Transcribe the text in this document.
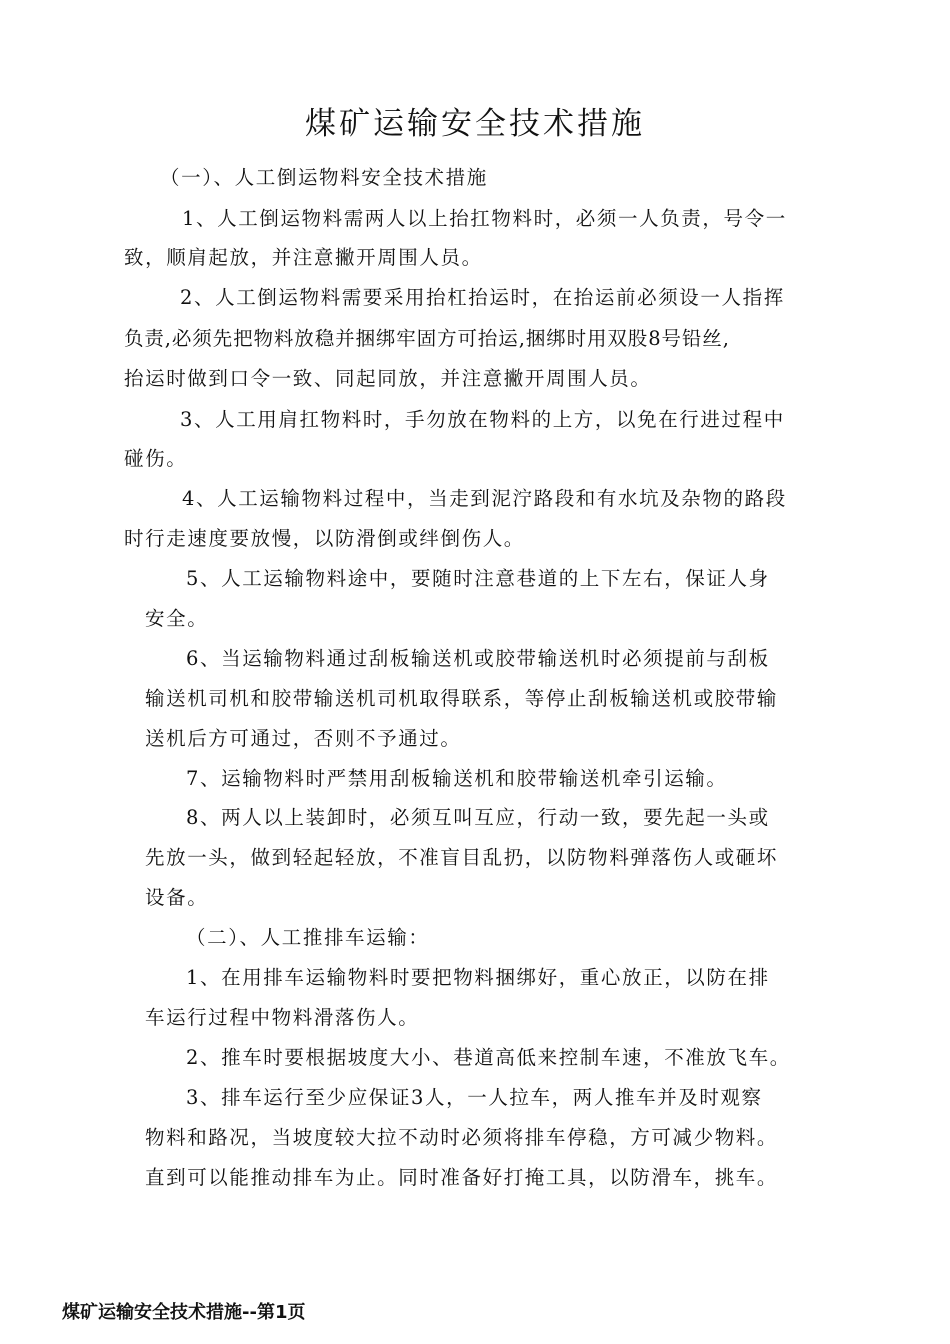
煤矿运输安全技术措施
（一）、人工倒运物料安全技术措施
1、人工倒运物料需两人以上抬扛物料时，必须一人负责，号令一
致，顺肩起放，并注意撇开周围人员。
2、人工倒运物料需要采用抬杠抬运时，在抬运前必须设一人指挥
负责,必须先把物料放稳并捆绑牢固方可抬运,捆绑时用双股8号铅丝,
抬运时做到口令一致、同起同放，并注意撇开周围人员。
3、人工用肩扛物料时，手勿放在物料的上方，以免在行进过程中
碰伤。
4、人工运输物料过程中，当走到泥泞路段和有水坑及杂物的路段
时行走速度要放慢，以防滑倒或绊倒伤人。
5、人工运输物料途中，要随时注意巷道的上下左右，保证人身
安全。
6、当运输物料通过刮板输送机或胶带输送机时必须提前与刮板
输送机司机和胶带输送机司机取得联系，等停止刮板输送机或胶带输
送机后方可通过，否则不予通过。
7、运输物料时严禁用刮板输送机和胶带输送机牵引运输。
8、两人以上装卸时，必须互叫互应，行动一致，要先起一头或
先放一头，做到轻起轻放，不准盲目乱扔，以防物料弹落伤人或砸坏
设备。
（二）、人工推排车运输：
1、在用排车运输物料时要把物料捆绑好，重心放正，以防在排
车运行过程中物料滑落伤人。
2、推车时要根据坡度大小、巷道高低来控制车速，不准放飞车。
3、排车运行至少应保证3人，一人拉车，两人推车并及时观察
物料和路况，当坡度较大拉不动时必须将排车停稳，方可减少物料。
直到可以能推动排车为止。同时准备好打掩工具，以防滑车，挑车。
煤矿运输安全技术措施--第1页
